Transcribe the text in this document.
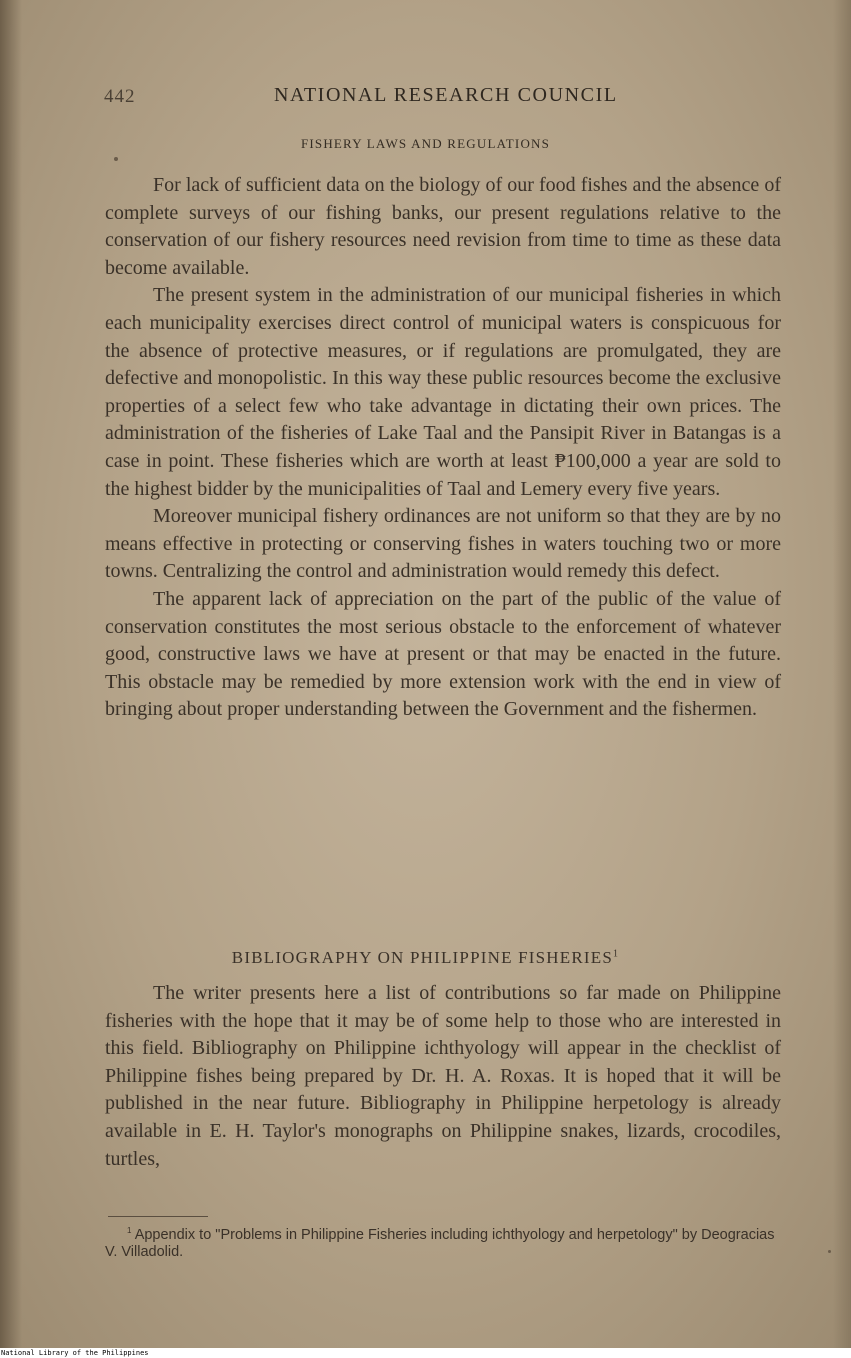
442	NATIONAL RESEARCH COUNCIL
FISHERY LAWS AND REGULATIONS

For lack of sufficient data on the biology of our food fishes and the absence of complete surveys of our fishing banks, our present regulations relative to the conservation of our fishery resources need revision from time to time as these data become available.

The present system in the administration of our municipal fisheries in which each municipality exercises direct control of municipal waters is conspicuous for the absence of protective measures, or if regulations are promulgated, they are defective and monopolistic. In this way these public resources become the exclusive properties of a select few who take advantage in dictating their own prices. The administration of the fisheries of Lake Taal and the Pansipit River in Batangas is a case in point. These fisheries which are worth at least ₱100,000 a year are sold to the highest bidder by the municipalities of Taal and Lemery every five years.

Moreover municipal fishery ordinances are not uniform so that they are by no means effective in protecting or conserving fishes in waters touching two or more towns. Centralizing the control and administration would remedy this defect.

The apparent lack of appreciation on the part of the public of the value of conservation constitutes the most serious obstacle to the enforcement of whatever good, constructive laws we have at present or that may be enacted in the future. This obstacle may be remedied by more extension work with the end in view of bringing about proper understanding between the Government and the fishermen.

BIBLIOGRAPHY ON PHILIPPINE FISHERIES$^1$

The writer presents here a list of contributions so far made on Philippine fisheries with the hope that it may be of some help to those who are interested in this field. Bibliography on Philippine ichthyology will appear in the checklist of Philippine fishes being prepared by Dr. H. A. Roxas. It is hoped that it will be published in the near future. Bibliography in Philippine herpetology is already available in E. H. Taylor's monographs on Philippine snakes, lizards, crocodiles, turtles,

$^1$ Appendix to "Problems in Philippine Fisheries including ichthyology and herpetology" by Deogracias V. Villadolid.

National Library of the Philippines
